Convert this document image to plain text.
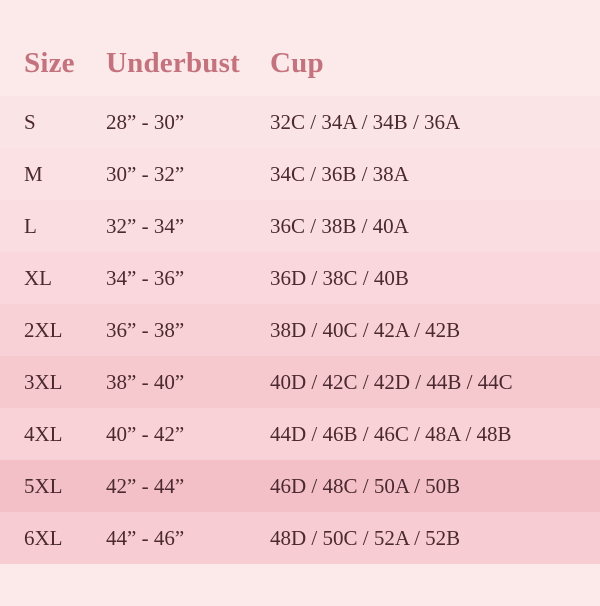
Size	Underbust	Cup
S	28” - 30”	32C / 34A / 34B / 36A
M	30” - 32”	34C / 36B / 38A
L	32” - 34”	36C / 38B / 40A
XL	34” - 36”	36D / 38C / 40B
2XL	36” - 38”	38D / 40C / 42A / 42B
3XL	38” - 40”	40D / 42C / 42D / 44B / 44C
4XL	40” - 42”	44D / 46B / 46C / 48A / 48B
5XL	42” - 44”	46D / 48C / 50A / 50B
6XL	44” - 46”	48D / 50C / 52A / 52B
